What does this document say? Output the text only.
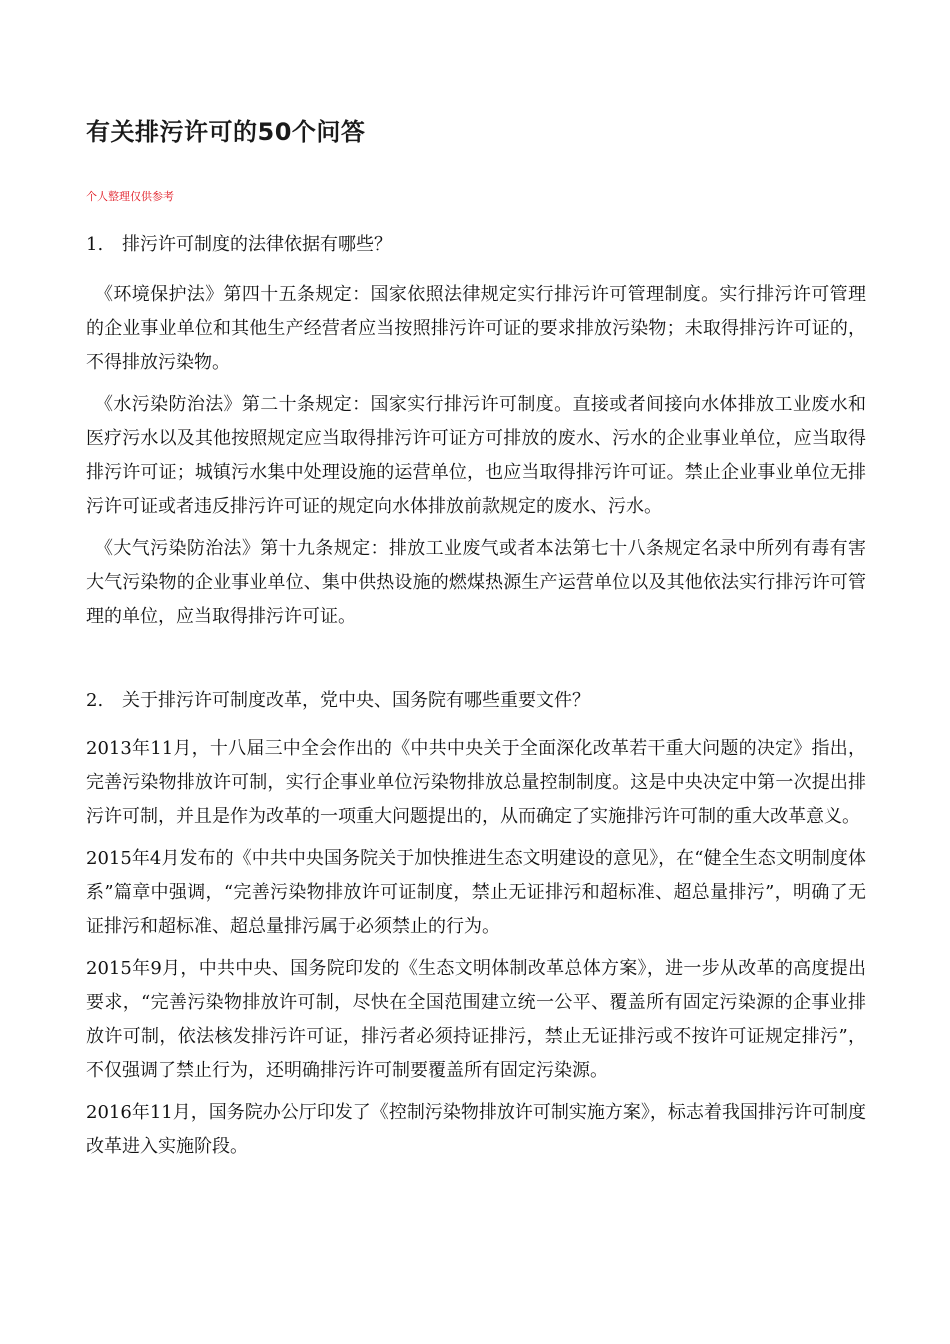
有关排污许可的50个问答

个人整理仅供参考

1. 排污许可制度的法律依据有哪些？

《环境保护法》第四十五条规定：国家依照法律规定实行排污许可管理制度。实行排污许可管理的企业事业单位和其他生产经营者应当按照排污许可证的要求排放污染物；未取得排污许可证的，不得排放污染物。

《水污染防治法》第二十条规定：国家实行排污许可制度。直接或者间接向水体排放工业废水和医疗污水以及其他按照规定应当取得排污许可证方可排放的废水、污水的企业事业单位，应当取得排污许可证；城镇污水集中处理设施的运营单位，也应当取得排污许可证。禁止企业事业单位无排污许可证或者违反排污许可证的规定向水体排放前款规定的废水、污水。

《大气污染防治法》第十九条规定：排放工业废气或者本法第七十八条规定名录中所列有毒有害大气污染物的企业事业单位、集中供热设施的燃煤热源生产运营单位以及其他依法实行排污许可管理的单位，应当取得排污许可证。

2. 关于排污许可制度改革，党中央、国务院有哪些重要文件？

2013年11月，十八届三中全会作出的《中共中央关于全面深化改革若干重大问题的决定》指出，完善污染物排放许可制，实行企事业单位污染物排放总量控制制度。这是中央决定中第一次提出排污许可制，并且是作为改革的一项重大问题提出的，从而确定了实施排污许可制的重大改革意义。

2015年4月发布的《中共中央国务院关于加快推进生态文明建设的意见》，在“健全生态文明制度体系”篇章中强调，“完善污染物排放许可证制度，禁止无证排污和超标准、超总量排污”，明确了无证排污和超标准、超总量排污属于必须禁止的行为。

2015年9月，中共中央、国务院印发的《生态文明体制改革总体方案》，进一步从改革的高度提出要求，“完善污染物排放许可制，尽快在全国范围建立统一公平、覆盖所有固定污染源的企事业排放许可制，依法核发排污许可证，排污者必须持证排污，禁止无证排污或不按许可证规定排污”，不仅强调了禁止行为，还明确排污许可制要覆盖所有固定污染源。

2016年11月，国务院办公厅印发了《控制污染物排放许可制实施方案》，标志着我国排污许可制度改革进入实施阶段。
